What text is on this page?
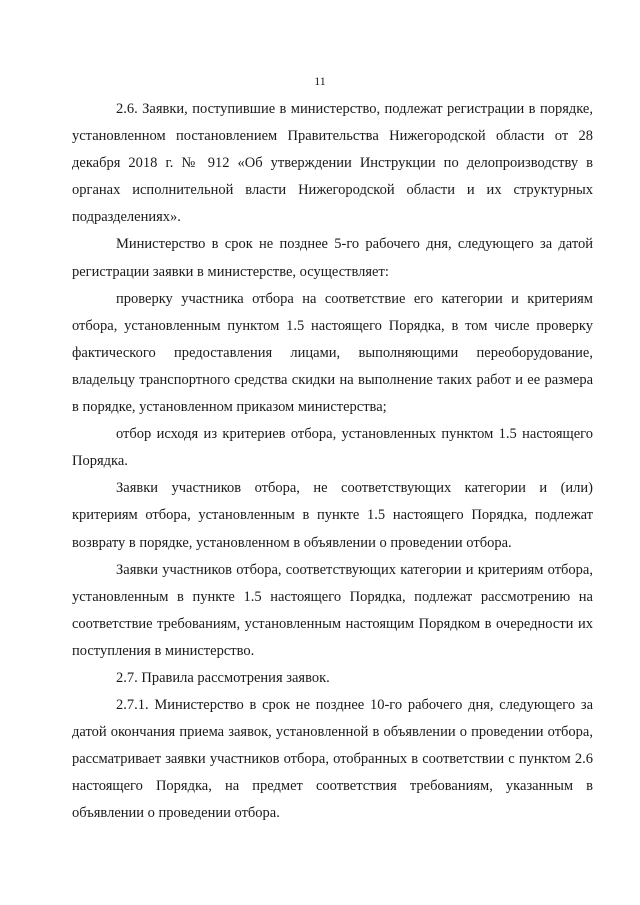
11

2.6. Заявки, поступившие в министерство, подлежат регистрации в порядке, установленном постановлением Правительства Нижегородской области от 28 декабря 2018 г. № 912 «Об утверждении Инструкции по делопроизводству в органах исполнительной власти Нижегородской области и их структурных подразделениях».

Министерство в срок не позднее 5-го рабочего дня, следующего за датой регистрации заявки в министерстве, осуществляет:

проверку участника отбора на соответствие его категории и критериям отбора, установленным пунктом 1.5 настоящего Порядка, в том числе проверку фактического предоставления лицами, выполняющими переоборудование, владельцу транспортного средства скидки на выполнение таких работ и ее размера в порядке, установленном приказом министерства;

отбор исходя из критериев отбора, установленных пунктом 1.5 настоящего Порядка.

Заявки участников отбора, не соответствующих категории и (или) критериям отбора, установленным в пункте 1.5 настоящего Порядка, подлежат возврату в порядке, установленном в объявлении о проведении отбора.

Заявки участников отбора, соответствующих категории и критериям отбора, установленным в пункте 1.5 настоящего Порядка, подлежат рассмотрению на соответствие требованиям, установленным настоящим Порядком в очередности их поступления в министерство.

2.7. Правила рассмотрения заявок.

2.7.1. Министерство в срок не позднее 10-го рабочего дня, следующего за датой окончания приема заявок, установленной в объявлении о проведении отбора, рассматривает заявки участников отбора, отобранных в соответствии с пунктом 2.6 настоящего Порядка, на предмет соответствия требованиям, указанным в объявлении о проведении отбора.
